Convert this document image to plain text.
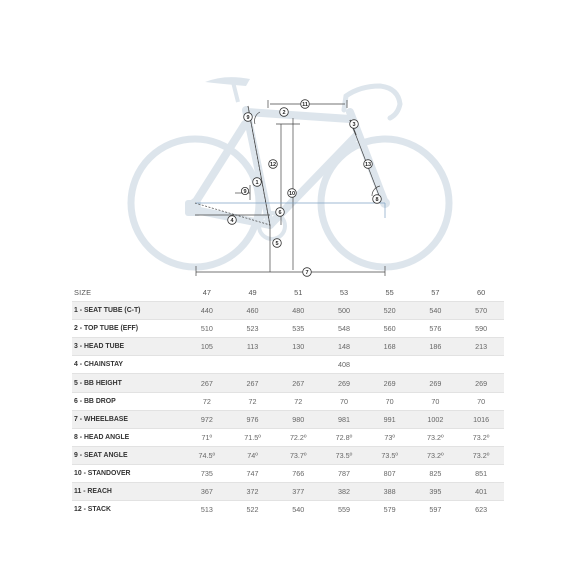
1
2
3
4
5
6
7
8
9
10
11
12	13
9
SIZE	47	49	51	53	55	57	60
1 - SEAT TUBE (C-T)	440	460	480	500	520	540	570
2 - TOP TUBE (EFF)	510	523	535	548	560	576	590
3 - HEAD TUBE	105	113	130	148	168	186	213
4 - CHAINSTAY				408			
5 - BB HEIGHT	267	267	267	269	269	269	269
6 - BB DROP	72	72	72	70	70	70	70
7 - WHEELBASE	972	976	980	981	991	1002	1016
8 - HEAD ANGLE	71º	71.5º	72.2º	72.8º	73º	73.2º	73.2º
9 - SEAT ANGLE	74.5º	74º	73.7º	73.5º	73.5º	73.2º	73.2º
10 - STANDOVER	735	747	766	787	807	825	851
11 - REACH	367	372	377	382	388	395	401
12 - STACK	513	522	540	559	579	597	623
